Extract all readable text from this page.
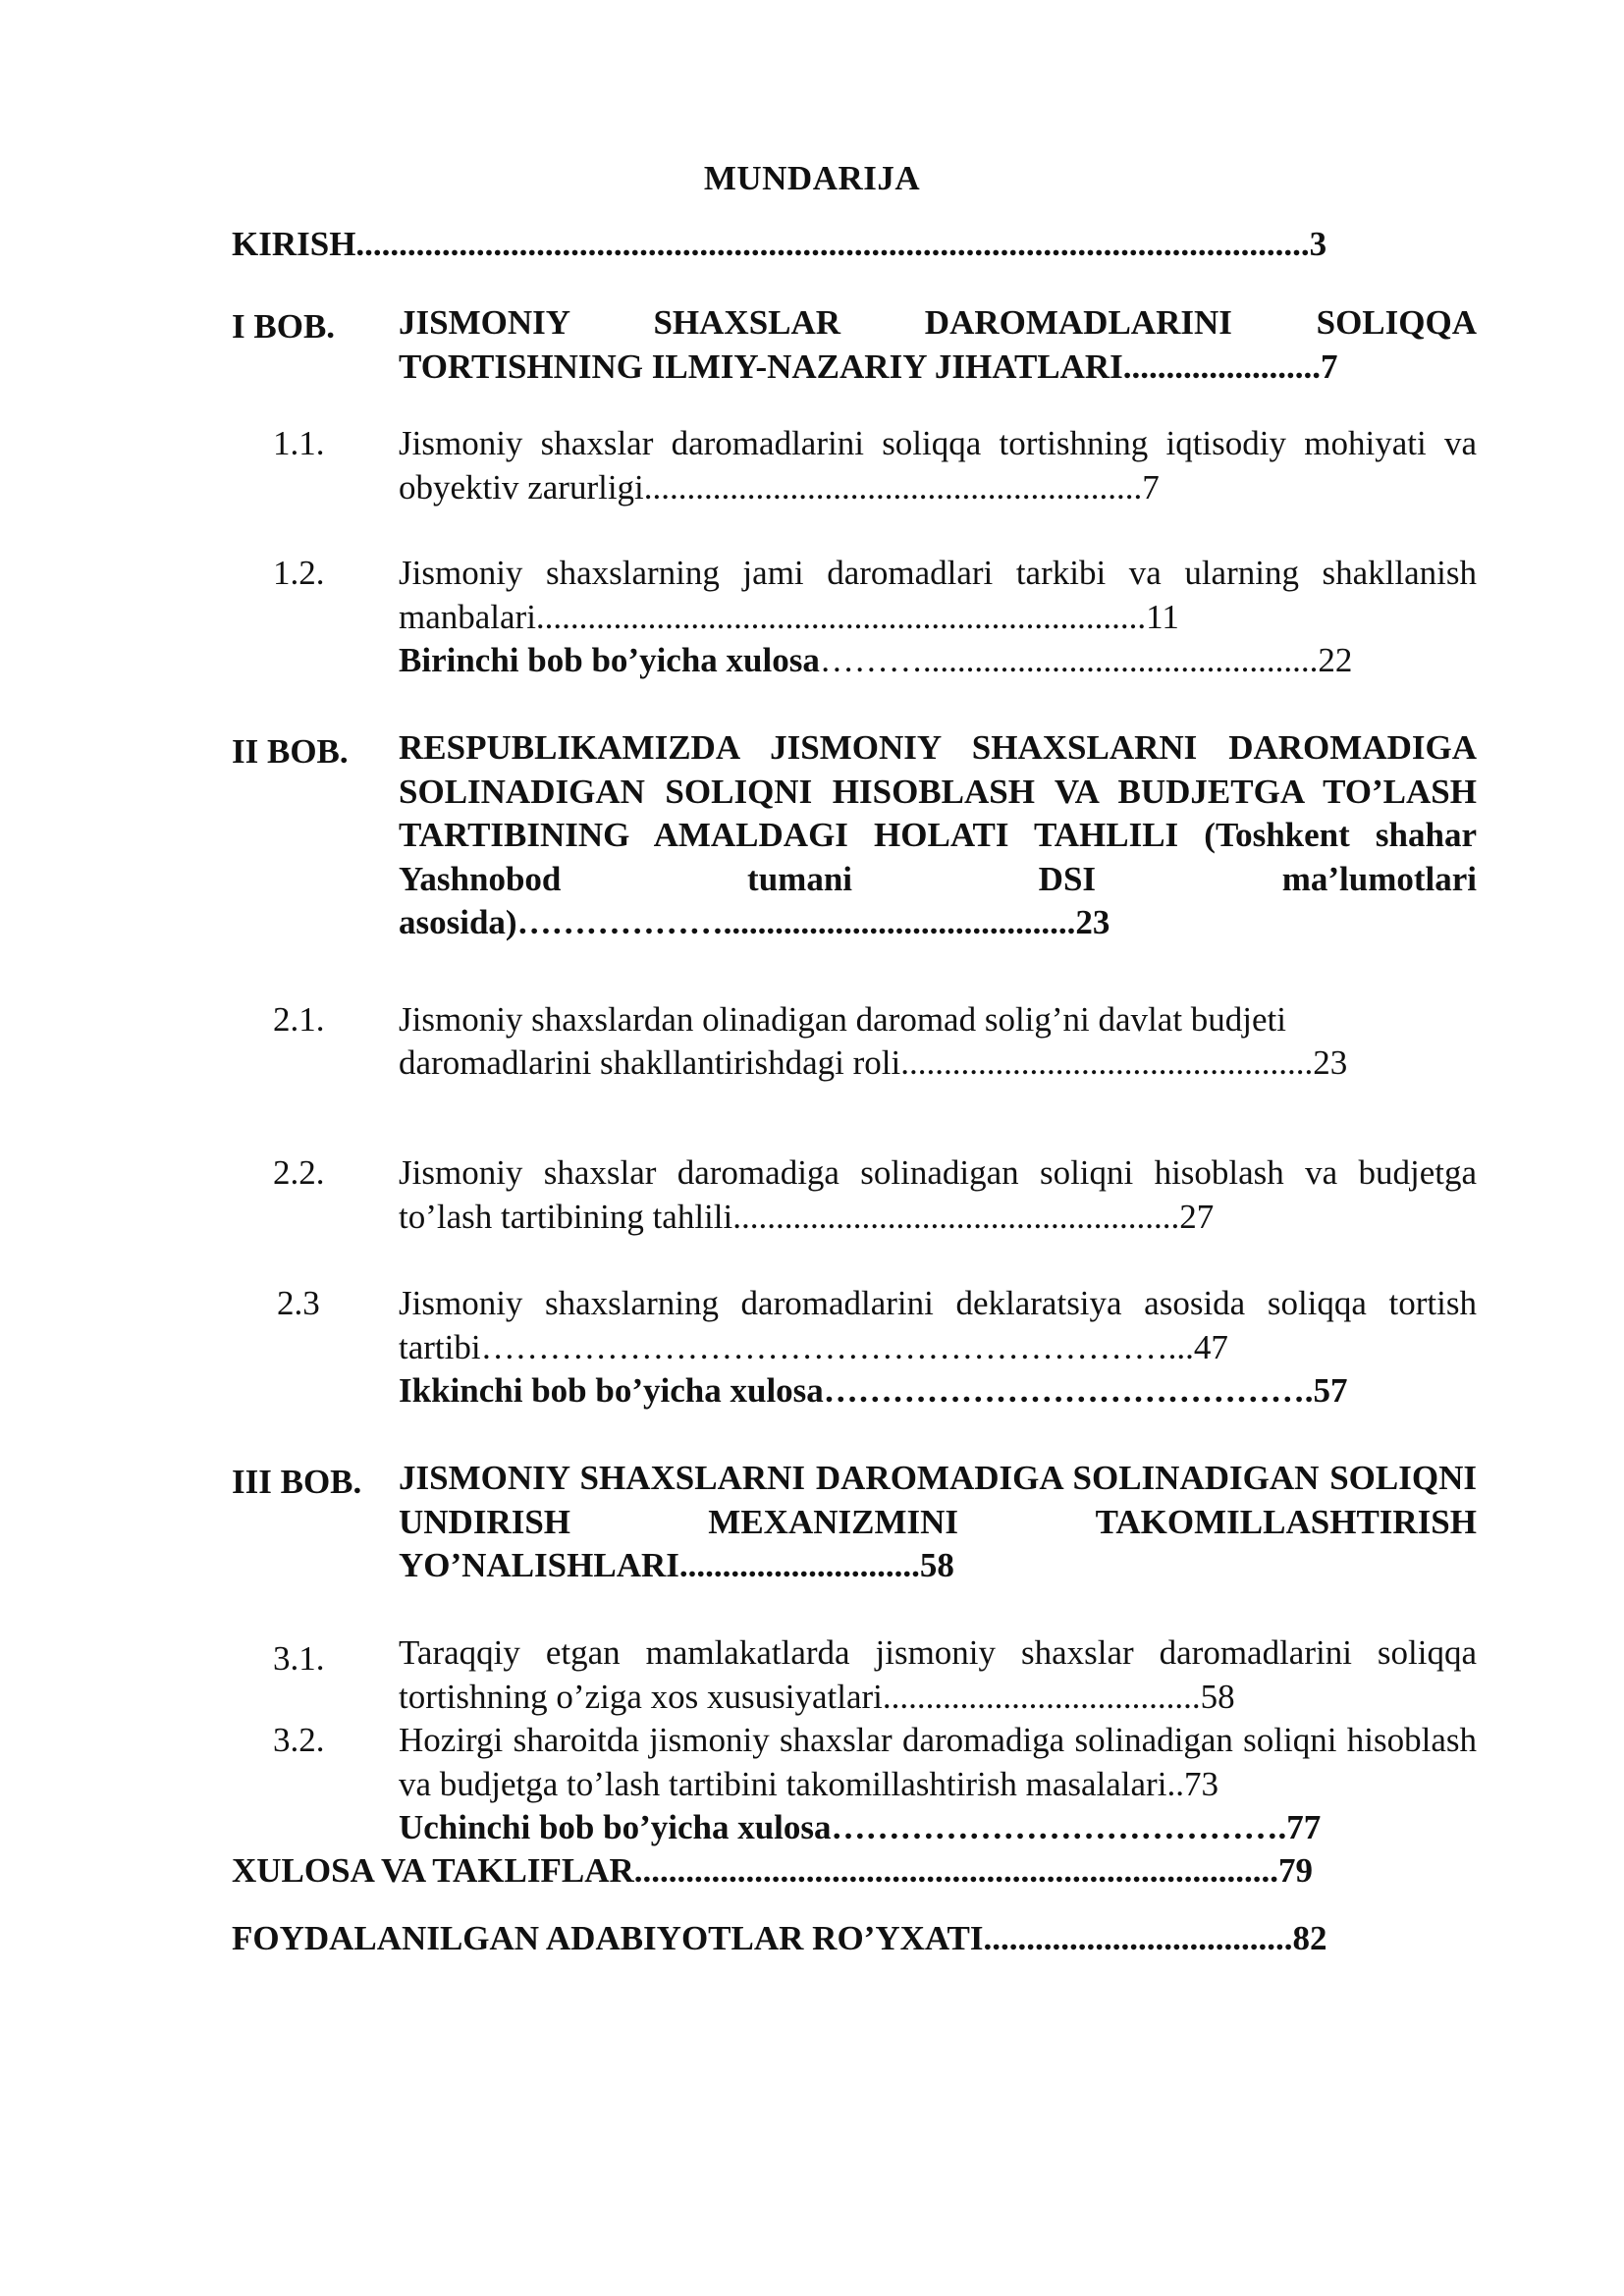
MUNDARIJA
KIRISH...............................................................................................................3
I BOB. JISMONIY SHAXSLAR DAROMADLARINI SOLIQQA TORTISHNING ILMIY-NAZARIY JIHATLARI.......................7
1.1. Jismoniy shaxslar daromadlarini soliqqa tortishning iqtisodiy mohiyati va obyektiv zarurligi..........................................................7
1.2. Jismoniy shaxslarning jami daromadlari tarkibi va ularning shakllanish manbalari.......................................................................11
Birinchi bob bo’yicha xulosa………..............................................22
II BOB. RESPUBLIKAMIZDA JISMONIY SHAXSLARNI DAROMADIGA SOLINADIGAN SOLIQNI HISOBLASH VA BUDJETGA TO’LASH TARTIBINING AMALDAGI HOLATI TAHLILI (Toshkent shahar Yashnobod tumani DSI ma’lumotlari asosida)……………….........................................23
2.1. Jismoniy shaxslardan olinadigan daromad solig’ni davlat budjeti
daromadlarini shakllantirishdagi roli................................................23
2.2. Jismoniy shaxslar daromadiga solinadigan soliqni hisoblash va budjetga to’lash tartibining tahlili....................................................27
2.3 Jismoniy shaxslarning daromadlarini deklaratsiya asosida soliqqa tortish tartibi……………………………………………………...47
Ikkinchi bob bo’yicha xulosa…………………………………….57
III BOB. JISMONIY SHAXSLARNI DAROMADIGA SOLINADIGAN SOLIQNI UNDIRISH MEXANIZMINI TAKOMILLASHTIRISH YO’NALISHLARI............................58
3.1. Taraqqiy etgan mamlakatlarda jismoniy shaxslar daromadlarini soliqqa tortishning o’ziga xos xususiyatlari.....................................58
3.2. Hozirgi sharoitda jismoniy shaxslar daromadiga solinadigan soliqni hisoblash va budjetga to’lash tartibini takomillashtirish masalalari..73
Uchinchi bob bo’yicha xulosa………………………………….77
XULOSA VA TAKLIFLAR...........................................................................79
FOYDALANILGAN ADABIYOTLAR RO’YXATI....................................82
